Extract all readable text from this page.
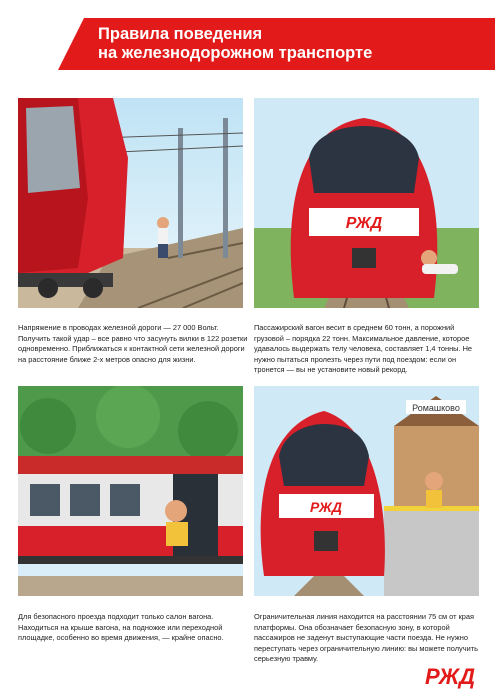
Правила поведения
на железнодорожном транспорте
РЖД
Ромашково
РЖД

Напряжение в проводах железной дороги — 27 000 Вольт. Получить такой удар – все равно что засунуть вилки в 122 розетки одновременно. Приближаться к контактной сети железной дороги на расстояние ближе 2-х метров опасно для жизни.

Пассажирский вагон весит в среднем 60 тонн, а порожний грузовой – порядка 22 тонн. Максимальное давление, которое удавалось выдержать телу человека, составляет 1,4 тонны. Не нужно пытаться пролезть через пути под поездом: если он тронется — вы не установите новый рекорд.

Для безопасного проезда подходит только салон вагона. Находиться на крыше вагона, на подножке или переходной площадке, особенно во время движения, — крайне опасно.

Ограничительная линия находится на расстоянии 75 см от края платформы. Она обозначает безопасную зону, в которой пассажиров не заденут выступающие части поезда. Не нужно переступать через ограничительную линию: вы можете получить серьезную травму.

РЖД
